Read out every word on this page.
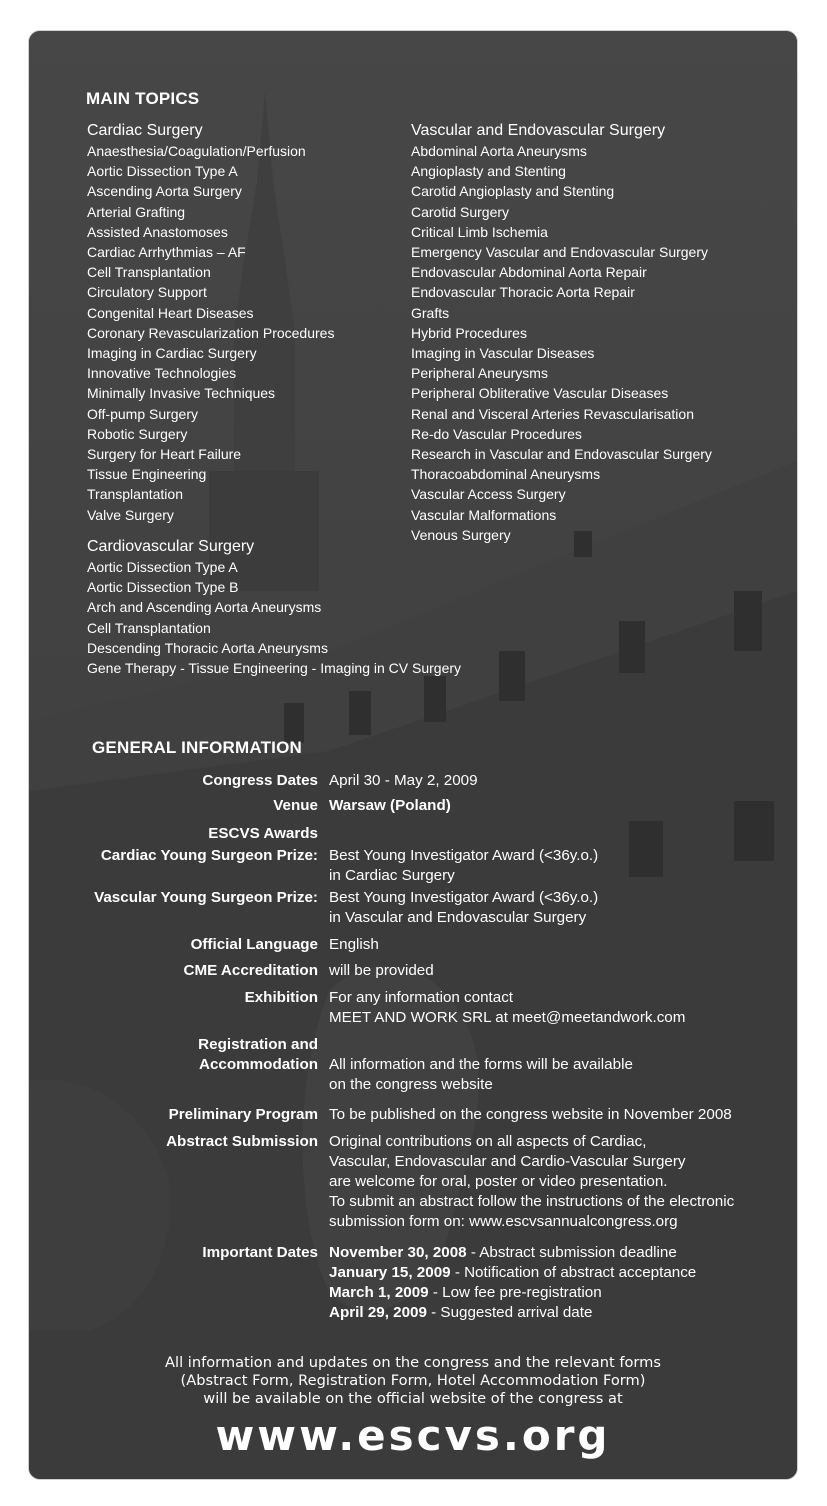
MAIN TOPICS
Cardiac Surgery
Anaesthesia/Coagulation/Perfusion
Aortic Dissection Type A
Ascending Aorta Surgery
Arterial Grafting
Assisted Anastomoses
Cardiac Arrhythmias – AF
Cell Transplantation
Circulatory Support
Congenital Heart Diseases
Coronary Revascularization Procedures
Imaging in Cardiac Surgery
Innovative Technologies
Minimally Invasive Techniques
Off-pump Surgery
Robotic Surgery
Surgery for Heart Failure
Tissue Engineering
Transplantation
Valve Surgery
Cardiovascular Surgery
Aortic Dissection Type A
Aortic Dissection Type B
Arch and Ascending Aorta Aneurysms
Cell Transplantation
Descending Thoracic Aorta Aneurysms
Gene Therapy - Tissue Engineering - Imaging in CV Surgery
Vascular and Endovascular Surgery
Abdominal Aorta Aneurysms
Angioplasty and Stenting
Carotid Angioplasty and Stenting
Carotid Surgery
Critical Limb Ischemia
Emergency Vascular and Endovascular Surgery
Endovascular Abdominal Aorta Repair
Endovascular Thoracic Aorta Repair
Grafts
Hybrid Procedures
Imaging in Vascular Diseases
Peripheral Aneurysms
Peripheral Obliterative Vascular Diseases
Renal and Visceral Arteries Revascularisation
Re-do Vascular Procedures
Research in Vascular and Endovascular Surgery
Thoracoabdominal Aneurysms
Vascular Access Surgery
Vascular Malformations
Venous Surgery
GENERAL INFORMATION
Congress Dates April 30 - May 2, 2009
Venue Warsaw (Poland)
ESCVS Awards
Cardiac Young Surgeon Prize: Best Young Investigator Award (<36y.o.)
in Cardiac Surgery
Vascular Young Surgeon Prize: Best Young Investigator Award (<36y.o.)
in Vascular and Endovascular Surgery
Official Language English
CME Accreditation will be provided
Exhibition For any information contact
MEET AND WORK SRL at meet@meetandwork.com
Registration and
Accommodation All information and the forms will be available
on the congress website
Preliminary Program To be published on the congress website in November 2008
Abstract Submission Original contributions on all aspects of Cardiac,
Vascular, Endovascular and Cardio-Vascular Surgery
are welcome for oral, poster or video presentation.
To submit an abstract follow the instructions of the electronic
submission form on: www.escvsannualcongress.org
Important Dates November 30, 2008 - Abstract submission deadline
January 15, 2009 - Notification of abstract acceptance
March 1, 2009 - Low fee pre-registration
April 29, 2009 - Suggested arrival date
All information and updates on the congress and the relevant forms
(Abstract Form, Registration Form, Hotel Accommodation Form)
will be available on the official website of the congress at
www.escvs.org
